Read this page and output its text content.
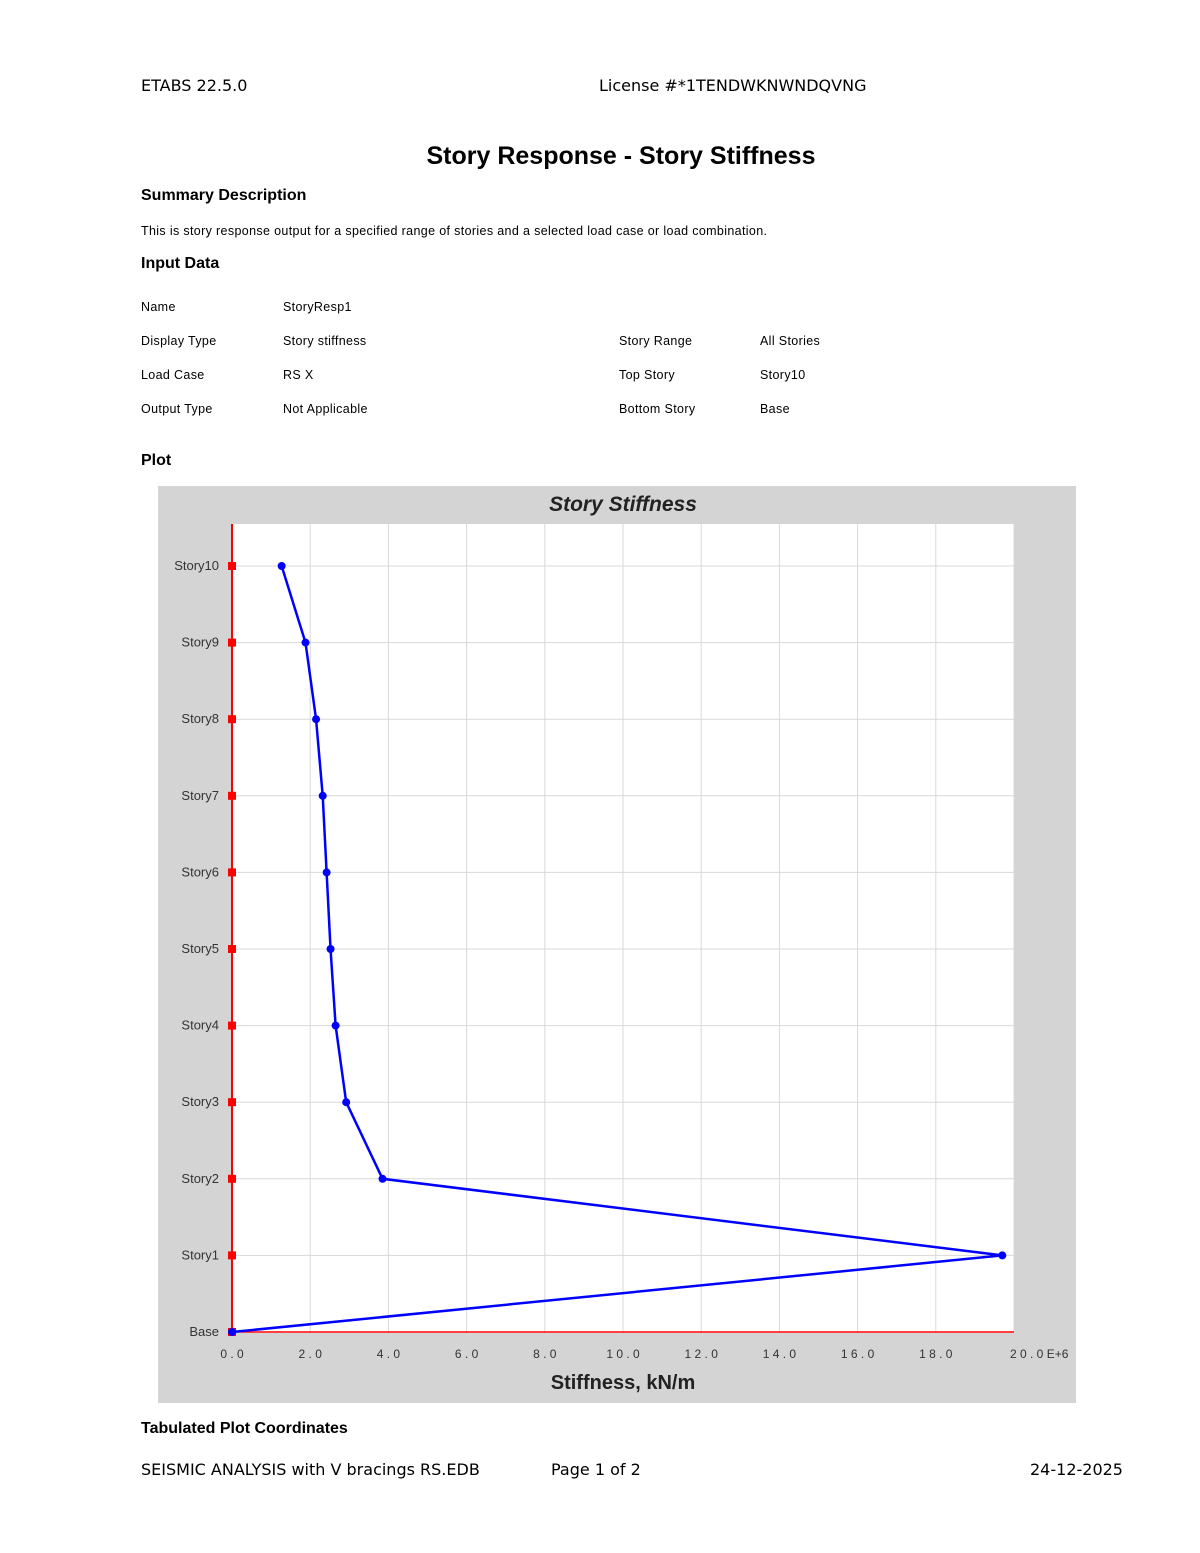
ETABS 22.5.0	License #*1TENDWKNWNDQVNG
Story Response - Story Stiffness
Summary Description
This is story response output for a specified range of stories and a selected load case or load combination.
Input Data
Name	StoryResp1
Display Type	Story stiffness	Story Range	All Stories
Load Case	RS X	Top Story	Story10
Output Type	Not Applicable	Bottom Story	Base
Plot
Story Stiffness
0 . 0	2 . 0	4 . 0	6 . 0	8 . 0	1 0 . 0	1 2 . 0	1 4 . 0	1 6 . 0	1 8 . 0	2 0 . 0 E+6
Base
Story1
Story2
Story3
Story4
Story5
Story6
Story7
Story8
Story9
Story10
Stiffness, kN/m
Tabulated Plot Coordinates
SEISMIC ANALYSIS with V bracings RS.EDB	Page 1 of 2	24-12-2025
